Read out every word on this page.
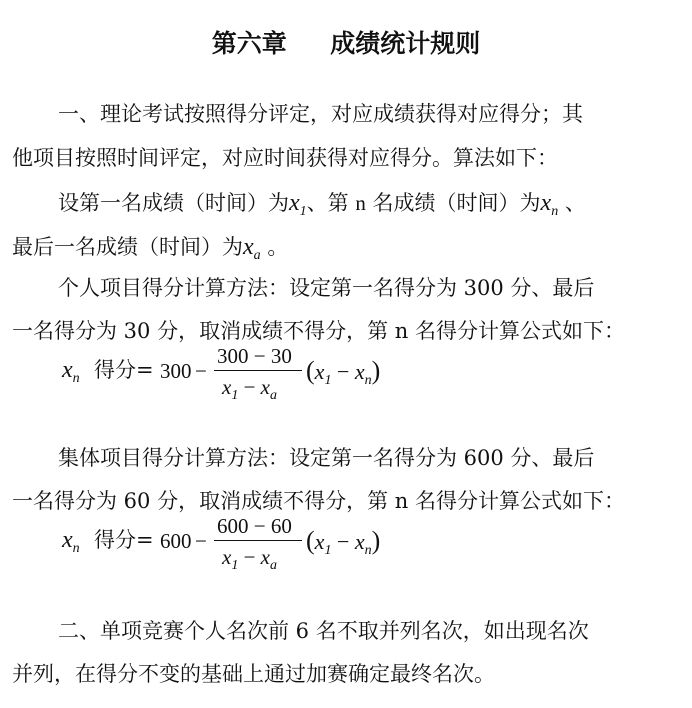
第六章     成绩统计规则
一、理论考试按照得分评定，对应成绩获得对应得分；其
他项目按照时间评定，对应时间获得对应得分。算法如下：
设第一名成绩（时间）为$x_1$、第 n 名成绩（时间）为$x_n$ 、
最后一名成绩（时间）为$x_a$ 。
个人项目得分计算方法：设定第一名得分为 300 分、最后
一名得分为 30 分，取消成绩不得分，第 n 名得分计算公式如下：
$x_n$ 得分= 300 −
300 − 30
$x_1 - x_a$
$(x_1 - x_n)$
集体项目得分计算方法：设定第一名得分为 600 分、最后
一名得分为 60 分，取消成绩不得分，第 n 名得分计算公式如下：
$x_n$ 得分= 600 −
600 − 60
$x_1 - x_a$
$(x_1 - x_n)$
二、单项竞赛个人名次前 6 名不取并列名次，如出现名次
并列，在得分不变的基础上通过加赛确定最终名次。
